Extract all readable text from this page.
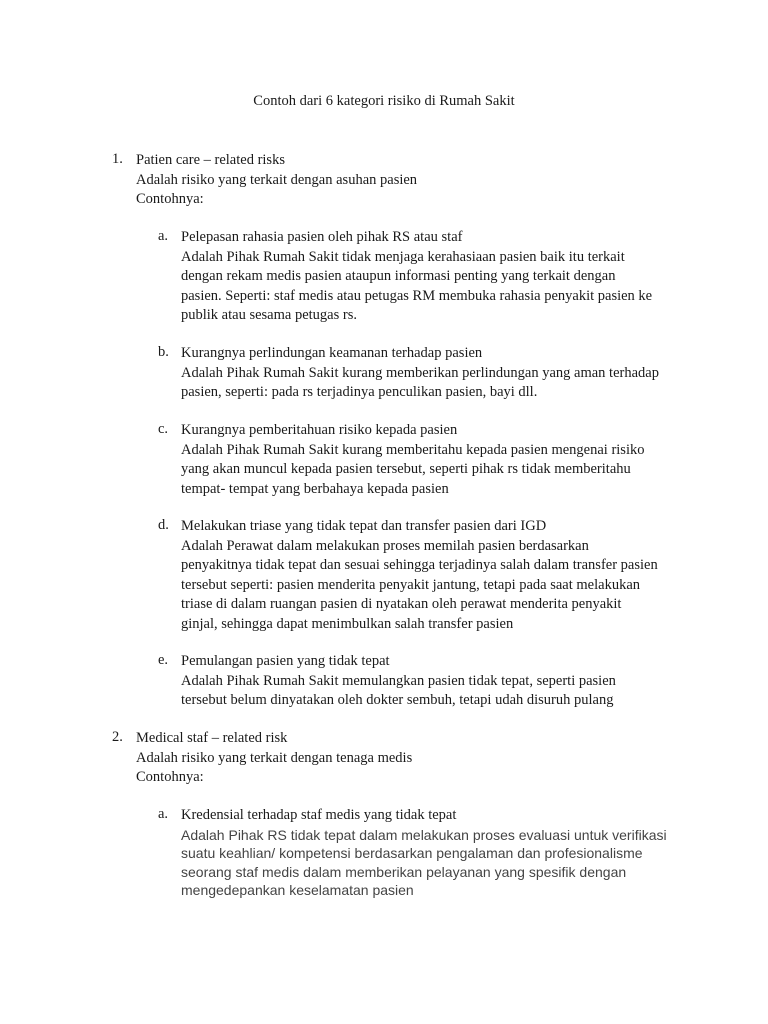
Contoh dari 6 kategori risiko di Rumah Sakit
1. Patien care – related risks
Adalah risiko yang terkait dengan asuhan pasien
Contohnya:
a. Pelepasan rahasia pasien oleh pihak RS atau staf
Adalah Pihak Rumah Sakit tidak menjaga kerahasiaan pasien baik itu terkait
dengan rekam medis pasien ataupun informasi penting yang terkait dengan
pasien. Seperti: staf medis atau petugas RM membuka rahasia penyakit pasien ke
publik atau sesama petugas rs.
b. Kurangnya perlindungan keamanan terhadap pasien
Adalah Pihak Rumah Sakit kurang memberikan perlindungan yang aman terhadap
pasien, seperti: pada rs terjadinya penculikan pasien, bayi dll.
c. Kurangnya pemberitahuan risiko kepada pasien
Adalah Pihak Rumah Sakit kurang memberitahu kepada pasien mengenai risiko
yang akan muncul kepada pasien tersebut, seperti pihak rs tidak memberitahu
tempat- tempat yang berbahaya kepada pasien
d. Melakukan triase yang tidak tepat dan transfer pasien dari IGD
Adalah Perawat dalam melakukan proses memilah pasien berdasarkan
penyakitnya tidak tepat dan sesuai sehingga terjadinya salah dalam transfer pasien
tersebut seperti: pasien menderita penyakit jantung, tetapi pada saat melakukan
triase di dalam ruangan pasien di nyatakan oleh perawat menderita penyakit
ginjal, sehingga dapat menimbulkan salah transfer pasien
e. Pemulangan pasien yang tidak tepat
Adalah Pihak Rumah Sakit memulangkan pasien tidak tepat, seperti pasien
tersebut belum dinyatakan oleh dokter sembuh, tetapi udah disuruh pulang
2. Medical staf – related risk
Adalah risiko yang terkait dengan tenaga medis
Contohnya:
a. Kredensial terhadap staf medis yang tidak tepat
Adalah Pihak RS tidak tepat dalam melakukan proses evaluasi untuk verifikasi
suatu keahlian/ kompetensi berdasarkan pengalaman dan profesionalisme
seorang staf medis dalam memberikan pelayanan yang spesifik dengan
mengedepankan keselamatan pasien
